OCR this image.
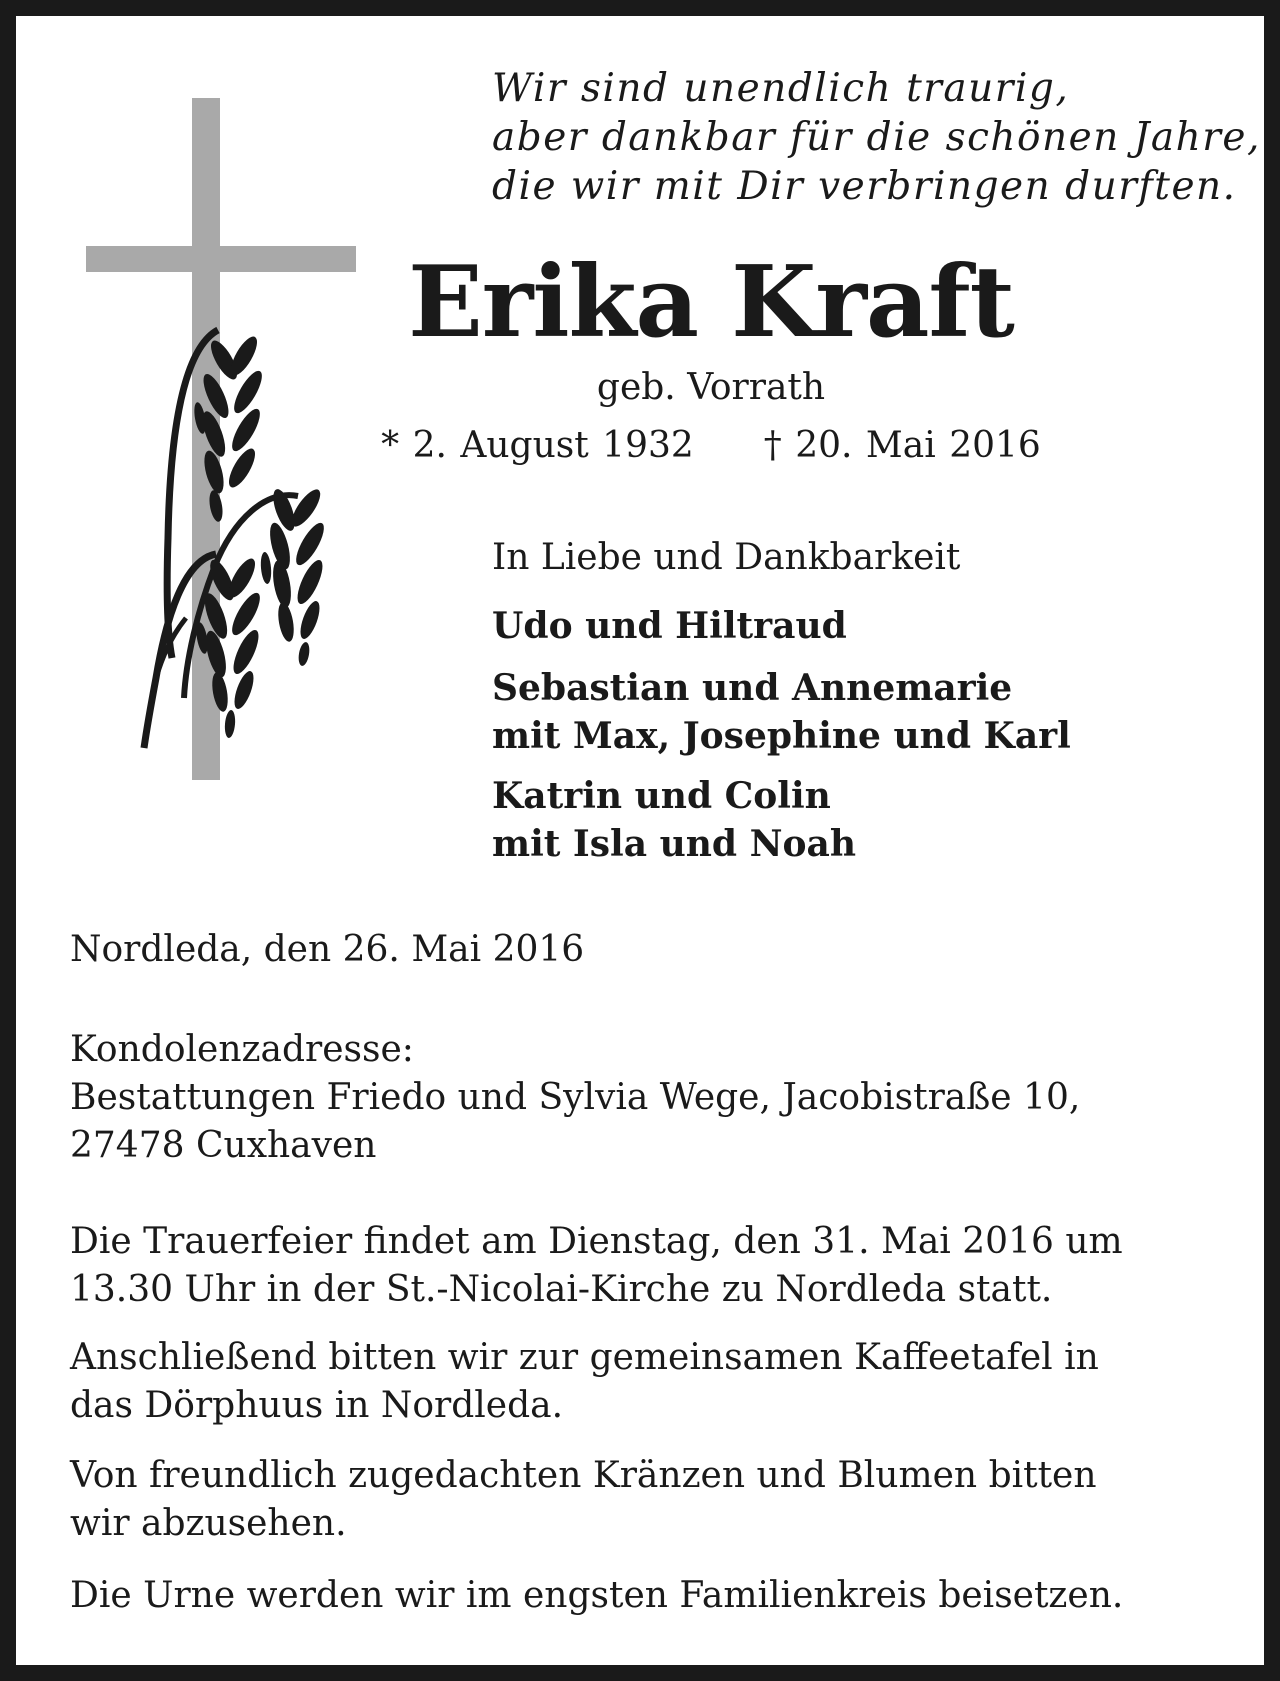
Wir sind unendlich traurig,
aber dankbar für die schönen Jahre,
die wir mit Dir verbringen durften.
Erika Kraft
geb. Vorrath
* 2. August 1932 † 20. Mai 2016
In Liebe und Dankbarkeit
Udo und Hiltraud
Sebastian und Annemarie
mit Max, Josephine und Karl
Katrin und Colin
mit Isla und Noah
Nordleda, den 26. Mai 2016
Kondolenzadresse:
Bestattungen Friedo und Sylvia Wege, Jacobistraße 10,
27478 Cuxhaven
Die Trauerfeier findet am Dienstag, den 31. Mai 2016 um
13.30 Uhr in der St.-Nicolai-Kirche zu Nordleda statt.
Anschließend bitten wir zur gemeinsamen Kaffeetafel in
das Dörphuus in Nordleda.
Von freundlich zugedachten Kränzen und Blumen bitten
wir abzusehen.
Die Urne werden wir im engsten Familienkreis beisetzen.
